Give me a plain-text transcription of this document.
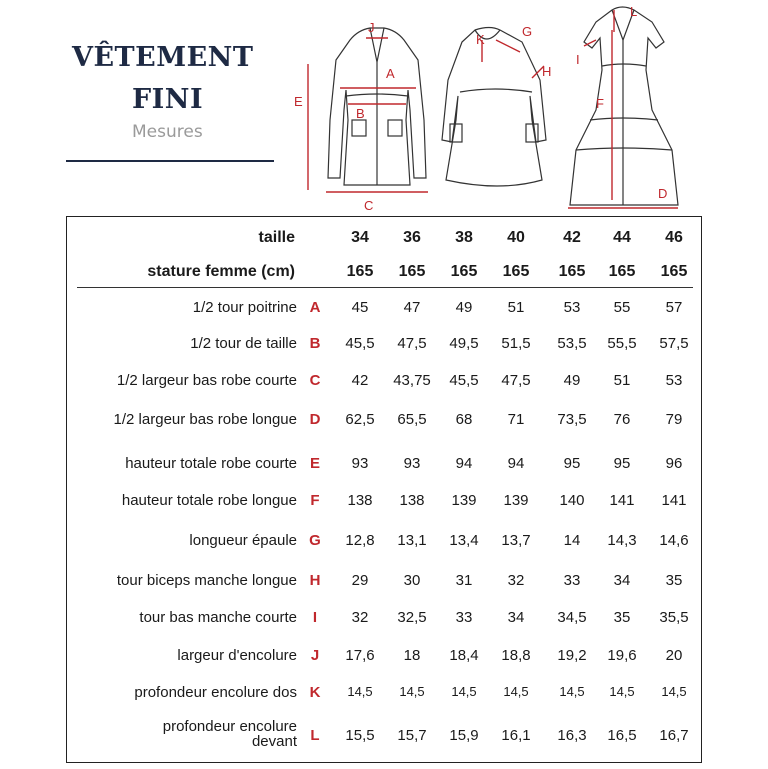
VÊTEMENT
FINI
Mesures
J
A
E
B
C
K
G
H
L
I
F
D
taille	34	36	38	40	42	44	46
stature femme (cm)	165	165	165	165	165	165	165
1/2 tour poitrine A	45	47	49	51	53	55	57
1/2 tour de taille B	45,5	47,5	49,5	51,5	53,5	55,5	57,5
1/2 largeur bas robe courte C	42	43,75	45,5	47,5	49	51	53
1/2 largeur bas robe longue D	62,5	65,5	68	71	73,5	76	79
hauteur totale robe courte E	93	93	94	94	95	95	96
hauteur totale robe longue F	138	138	139	139	140	141	141
longueur épaule G	12,8	13,1	13,4	13,7	14	14,3	14,6
tour biceps manche longue H	29	30	31	32	33	34	35
tour bas manche courte	I	32	32,5	33	34	34,5	35	35,5
largeur d'encolure J	17,6	18	18,4	18,8	19,2	19,6	20
profondeur encolure dos K	14,5	14,5	14,5	14,5	14,5	14,5	14,5
profondeur encolure
devant L	15,5	15,7	15,9	16,1	16,3	16,5	16,7
